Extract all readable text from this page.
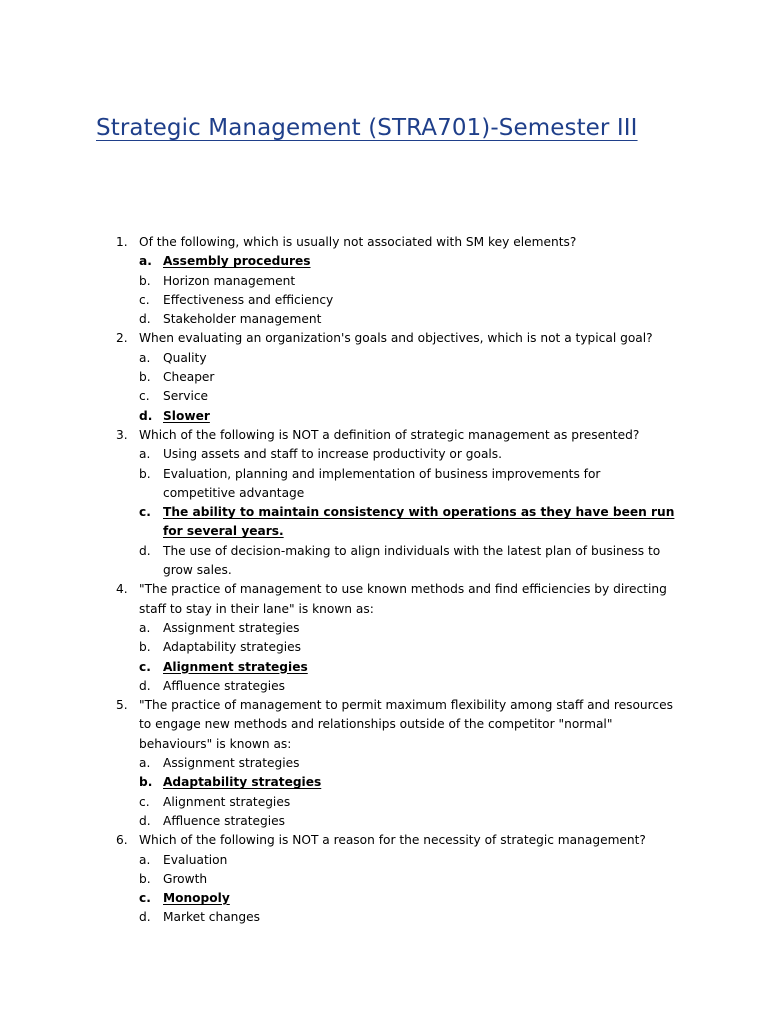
Strategic Management (STRA701)-Semester III
1. Of the following, which is usually not associated with SM key elements?
a. Assembly procedures
b.	Horizon management
c.	Effectiveness and efficiency
d.	Stakeholder management
2. When evaluating an organization's goals and objectives, which is not a typical goal?
a.	Quality
b.	Cheaper
c.	Service
d. Slower
3. Which of the following is NOT a definition of strategic management as presented?
a.	Using assets and staff to increase productivity or goals.
b.	Evaluation, planning and implementation of business improvements for competitive advantage
c. The ability to maintain consistency with operations as they have been run for several years.
d.	The use of decision-making to align individuals with the latest plan of business to grow sales.
4. "The practice of management to use known methods and find efficiencies by directing staff to stay in their lane" is known as:
a.	Assignment strategies
b.	Adaptability strategies
c. Alignment strategies
d.	Affluence strategies
5. "The practice of management to permit maximum flexibility among staff and resources to engage new methods and relationships outside of the competitor "normal" behaviours" is known as:
a.	Assignment strategies
b. Adaptability strategies
c.	Alignment strategies
d.	Affluence strategies
6. Which of the following is NOT a reason for the necessity of strategic management?
a.	Evaluation
b.	Growth
c. Monopoly
d.	Market changes
